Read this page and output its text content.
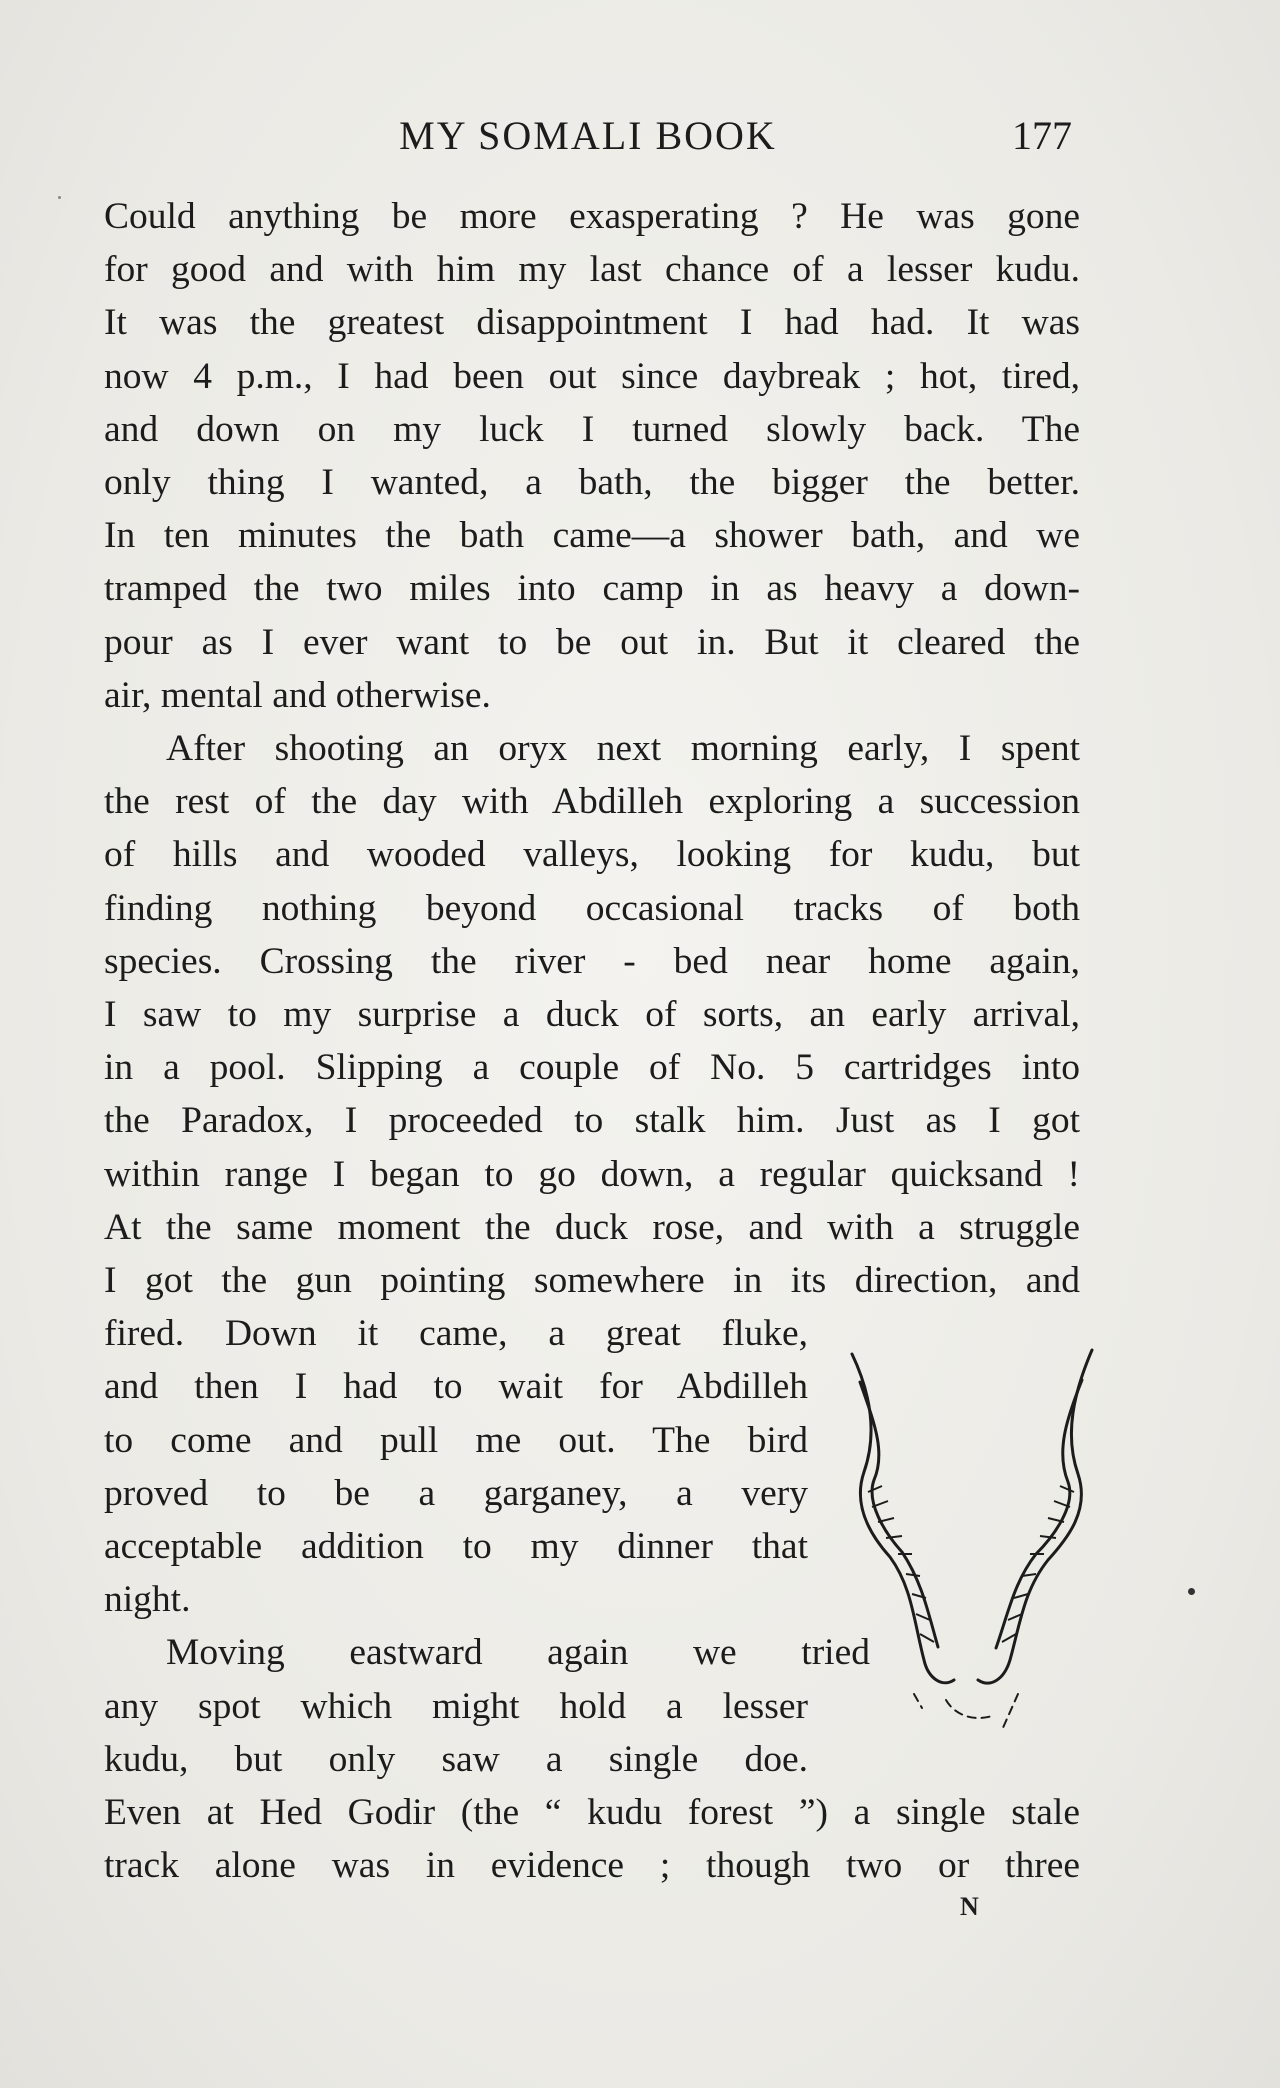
MY SOMALI BOOK	177
Could anything be more exasperating ? He was gone
for good and with him my last chance of a lesser kudu.
It was the greatest disappointment I had had. It was
now 4 p.m., I had been out since daybreak ; hot, tired,
and down on my luck I turned slowly back. The
only thing I wanted, a bath, the bigger the better.
In ten minutes the bath came—a shower bath, and we
tramped the two miles into camp in as heavy a down-
pour as I ever want to be out in. But it cleared the
air, mental and otherwise.
After shooting an oryx next morning early, I spent
the rest of the day with Abdilleh exploring a succession
of hills and wooded valleys, looking for kudu, but
finding nothing beyond occasional tracks of both
species. Crossing the river - bed near home again,
I saw to my surprise a duck of sorts, an early arrival,
in a pool. Slipping a couple of No. 5 cartridges into
the Paradox, I proceeded to stalk him. Just as I got
within range I began to go down, a regular quicksand !
At the same moment the duck rose, and with a struggle
I got the gun pointing somewhere in its direction, and
fired. Down it came, a great fluke,
and then I had to wait for Abdilleh
to come and pull me out. The bird
proved to be a garganey, a very
acceptable addition to my dinner that
night.
Moving eastward again we tried
any spot which might hold a lesser
kudu, but only saw a single doe.
Even at Hed Godir (the “ kudu forest ”) a single stale
track alone was in evidence ; though two or three
N
